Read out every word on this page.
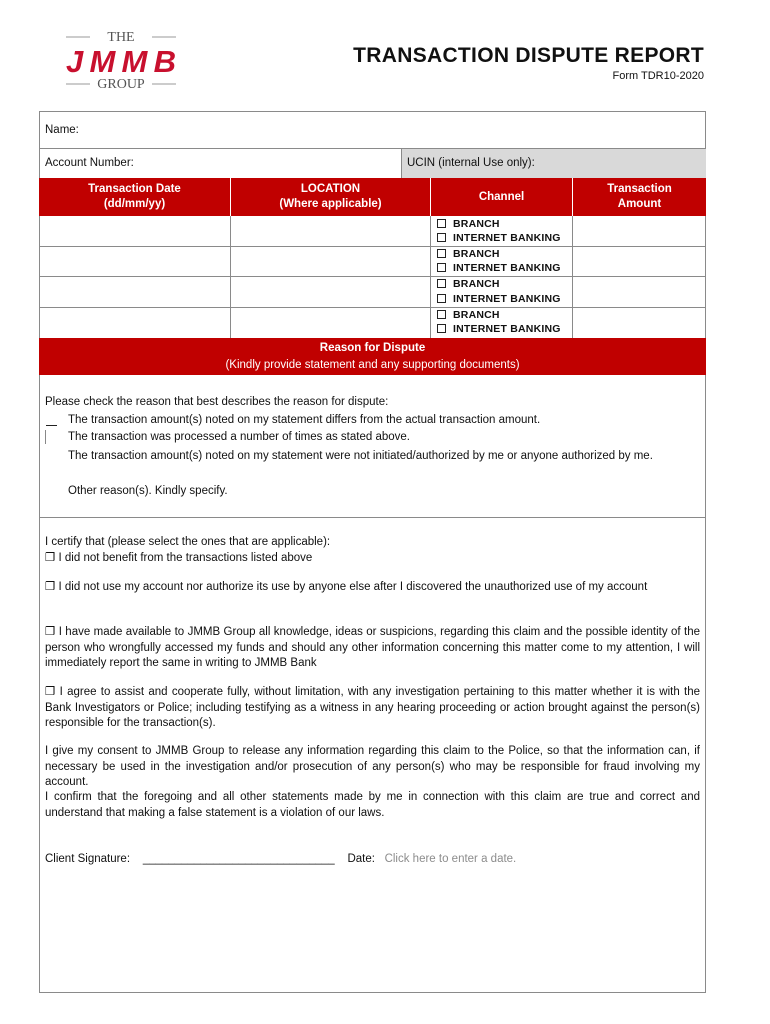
THE
JMMB
GROUP
TRANSACTION DISPUTE REPORT
Form TDR10-2020
Name:
Account Number:	UCIN (internal Use only):
Transaction Date
(dd/mm/yy)
LOCATION
(Where applicable)
Channel
Transaction
Amount
BRANCH
INTERNET BANKING
BRANCH
INTERNET BANKING
BRANCH
INTERNET BANKING
BRANCH
INTERNET BANKING
Reason for Dispute
(Kindly provide statement and any supporting documents)
Please check the reason that best describes the reason for dispute:
The transaction amount(s) noted on my statement differs from the actual transaction amount.
The transaction was processed a number of times as stated above.
The transaction amount(s) noted on my statement were not initiated/authorized by me or anyone authorized by me.
Other reason(s). Kindly specify.
I certify that (please select the ones that are applicable):
❐ I did not benefit from the transactions listed above
❐ I did not use my account nor authorize its use by anyone else after I discovered the unauthorized use of my account
❐ I have made available to JMMB Group all knowledge, ideas or suspicions, regarding this claim and the possible identity of the person who wrongfully accessed my funds and should any other information concerning this matter come to my attention, I will immediately report the same in writing to JMMB Bank
❐ I agree to assist and cooperate fully, without limitation, with any investigation pertaining to this matter whether it is with the Bank Investigators or Police; including testifying as a witness in any hearing proceeding or action brought against the person(s) responsible for the transaction(s).
I give my consent to JMMB Group to release any information regarding this claim to the Police, so that the information can, if necessary be used in the investigation and/or prosecution of any person(s) who may be responsible for fraud involving my account.
I confirm that the foregoing and all other statements made by me in connection with this claim are true and correct and understand that making a false statement is a violation of our laws.
Client Signature: ______________________________ Date: Click here to enter a date.
